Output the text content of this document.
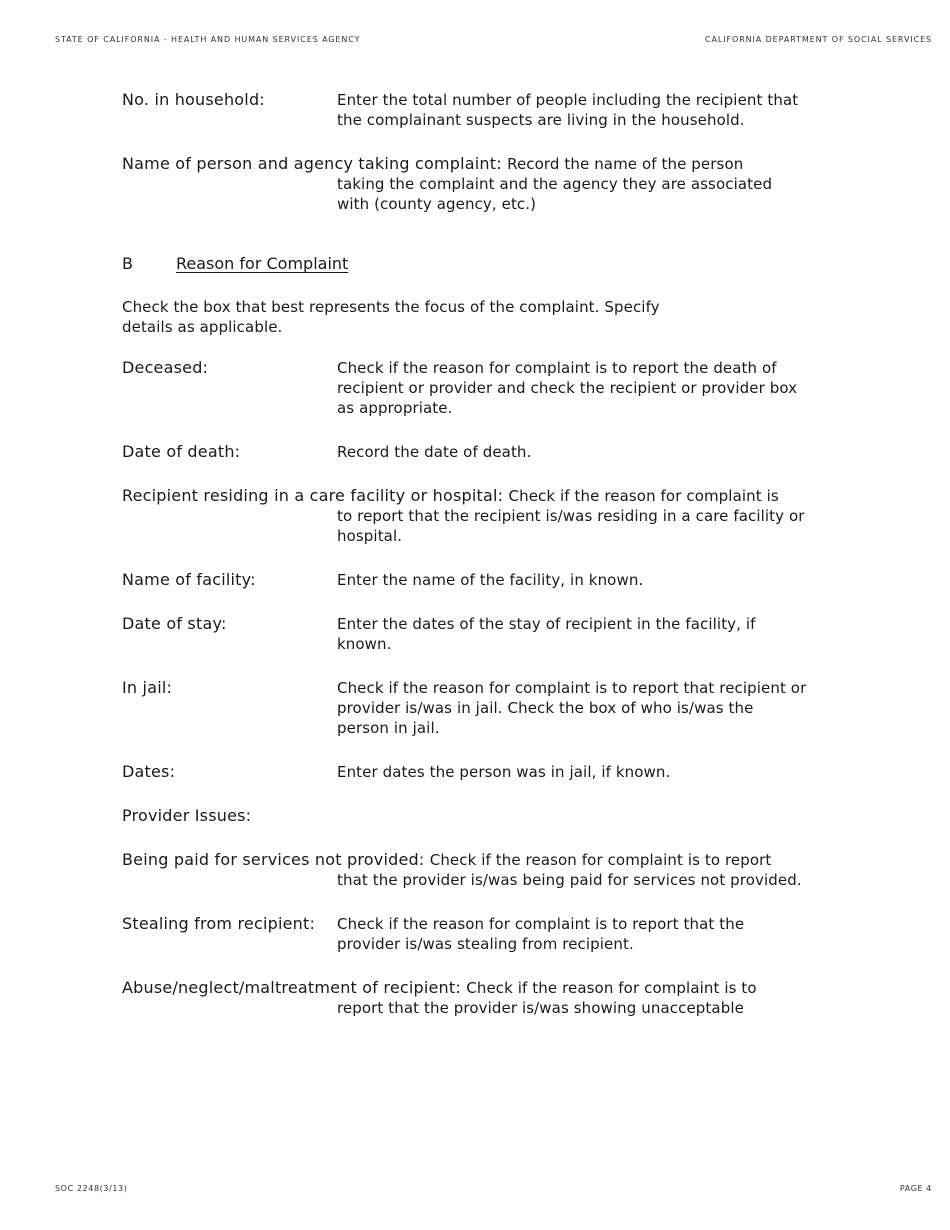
STATE OF CALIFORNIA - HEALTH AND HUMAN SERVICES AGENCY	CALIFORNIA DEPARTMENT OF SOCIAL SERVICES
No. in household:	Enter the total number of people including the recipient that
the complainant suspects are living in the household.
Name of person and agency taking complaint: Record the name of the person
taking the complaint and the agency they are associated
with (county agency, etc.)
B	Reason for Complaint
Check the box that best represents the focus of the complaint. Specify
details as applicable.
Deceased:	Check if the reason for complaint is to report the death of
recipient or provider and check the recipient or provider box
as appropriate.
Date of death:	Record the date of death.
Recipient residing in a care facility or hospital: Check if the reason for complaint is
to report that the recipient is/was residing in a care facility or
hospital.
Name of facility:	Enter the name of the facility, in known.
Date of stay:	Enter the dates of the stay of recipient in the facility, if
known.
In jail:	Check if the reason for complaint is to report that recipient or
provider is/was in jail. Check the box of who is/was the
person in jail.
Dates:	Enter dates the person was in jail, if known.
Provider Issues:
Being paid for services not provided: Check if the reason for complaint is to report
that the provider is/was being paid for services not provided.
Stealing from recipient: Check if the reason for complaint is to report that the
provider is/was stealing from recipient.
Abuse/neglect/maltreatment of recipient: Check if the reason for complaint is to
report that the provider is/was showing unacceptable
SOC 2248(3/13)	PAGE 4
